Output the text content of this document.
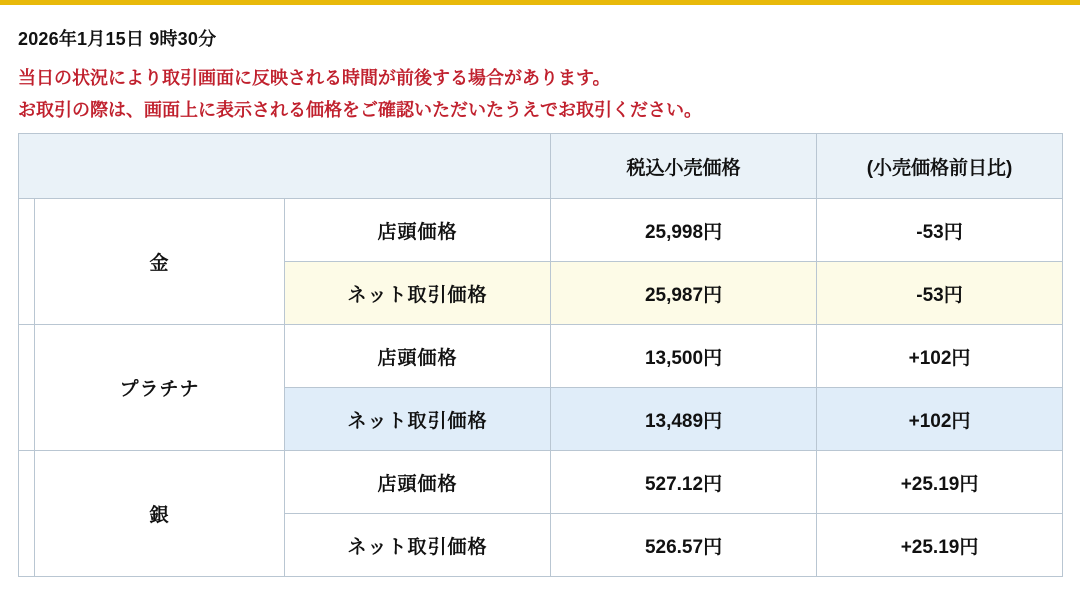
2026年1月15日 9時30分
当日の状況により取引画面に反映される時間が前後する場合があります。
お取引の際は、画面上に表示される価格をご確認いただいたうえでお取引ください。
			税込小売価格	(小売価格前日比)
	金	店頭価格	25,998円	-53円
		ネット取引価格	25,987円	-53円
	プラチナ	店頭価格	13,500円	+102円
		ネット取引価格	13,489円	+102円
	銀	店頭価格	527.12円	+25.19円
		ネット取引価格	526.57円	+25.19円
